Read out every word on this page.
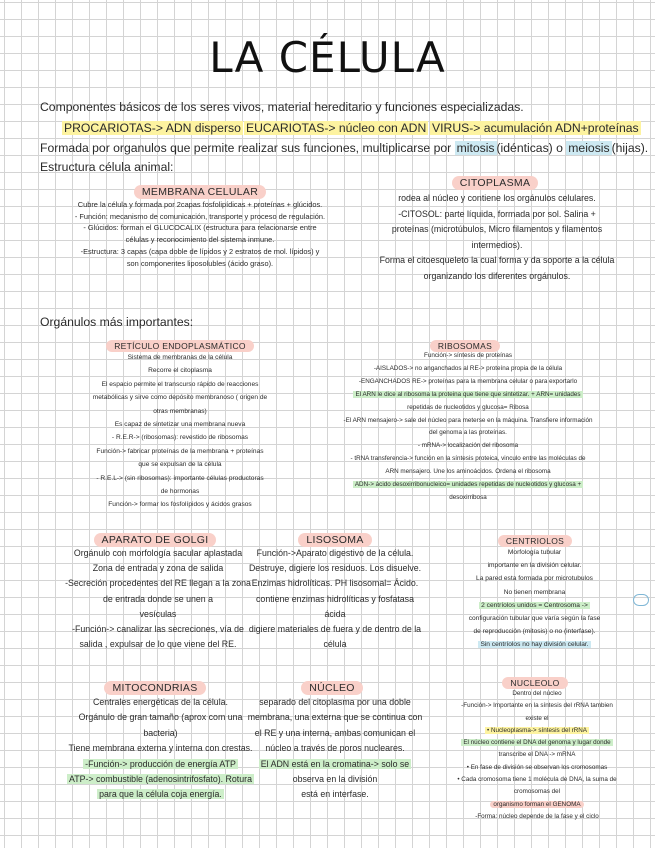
LA CÉLULA
Componentes básicos de los seres vivos, material hereditario y funciones especializadas.
PROCARIOTAS-> ADN disperso EUCARIOTAS-> núcleo con ADN VIRUS-> acumulación ADN+proteínas
Formada por organulos que permite realizar sus funciones, multiplicarse por mitosis (idénticas) o meiosis (hijas).
Estructura célula animal:
MEMBRANA CELULAR

Cubre la célula y formada por 2capas fosfolipídicas + proteínas + glúcidos.

- Función: mecanismo de comunicación, transporte y proceso de regulación.

- Glúcidos: forman el GLUCOCALIX (estructura para relacionarse entre

células y reconocimiento del sistema inmune.

-Estructura: 3 capas (capa doble de lípidos y 2 estratos de mol. lípidos) y

son componentes liposolubles (ácido graso).

CITOPLASMA

rodea al núcleo y contiene los orgánulos celulares.

-CITOSOL: parte líquida, formada por sol. Salina +

proteínas (microtúbulos, Micro filamentos y filamentos

intermedios).

Forma el citoesqueleto la cual forma y da soporte a la célula

organizando los diferentes orgánulos.

Orgánulos más importantes:
RETÍCULO ENDOPLASMÁTICO

Sistema de membranas de la célula

Recorre el citoplasma

El espacio permite el transcurso rápido de reacciones

metabólicas y sirve como depósito membranoso ( origen de

otras membranas)

Es capaz de sintetizar una membrana nueva

- R.E.R-> (ribosomas): revestido de ribosomas

Función-> fabricar proteínas de la membrana + proteínas

que se expulsan de la célula

- R.E.L-> (sin ribosomas): importante células productoras

de hormonas

Función-> formar los fosfolípidos y ácidos grasos

RIBOSOMAS

Función-> síntesis de proteínas

-AISLADOS-> no anganchados al RE-> proteína propia de la célula

-ENGANCHADOS RE-> proteínas para la membrana celular o para exportarlo

El ARN le dice al ribosoma la proteina que tiene que sintetizar. + ARN= unidades

repetidas de nucleotidos y glucosa= Ribosa

-El ARN mensajero-> sale del núcleo para meterse en la máquina. Transfiere información

del genoma a las proteínas.

- mRNA-> localización del ribosoma

- tRNA transferencia-> función en la síntesis proteica, vinculo entre las moléculas de

ARN mensajero. Une los aminoácidos. Ordena el ribosoma

ADN-> ácido desoxirribonucleico= unidades repetidas de nucleotidos y glucosa +

desoxirribosa

APARATO DE GOLGI

Orgánulo con morfología sacular aplastada

Zona de entrada y zona de salida

-Secreción procedentes del RE llegan a la zona

de entrada donde se unen a

vesículas

-Función-> canalizar las secreciones, vía de

salida , expulsar de lo que viene del RE.

LISOSOMA

Función->Aparato digestivo de la célula.

Destruye, digiere los residuos. Los disuelve.

Enzimas hidrolíticas. PH lisosomal= Ácido.

contiene enzimas hidrolíticas y fosfatasa

ácida

digiere materiales de fuera y de dentro de la

célula

CENTRIOLOS

Morfología tubular

importante en la división celular.

La pared esta formada por microtubulos

No tienen membrana

2 centríolos unidos = Centrosoma ->

configuración tubular que varía según la fase

de reproducción (mitosis) o no (interfase).

Sin centríolos no hay división celular.

MITOCONDRIAS

Centrales energéticas de la célula.

Orgánulo de gran tamaño (aprox com una

bacteria)

Tiene membrana externa y interna con crestas.

-Función-> producción de energía ATP

ATP-> combustible (adenosintrifosfato). Rotura

para que la célula coja energía.

NÚCLEO

separado del citoplasma por una doble

membrana, una externa que se continua con

el RE y una interna, ambas comunican el

núcleo a través de poros nucleares.

El ADN está en la cromatina-> solo se

observa en la división

está en interfase.

NUCLEOLO

Dentro del núcleo

-Función-> Importante en la síntesis del rRNA tambien

existe el

• Nucleoplasma-> síntesis del rRNA

El núcleo contiene el DNA del genoma y lugar donde

transcribe el DNA -> mRNA

• En fase de división se observan los cromosomas

• Cada cromosoma tiene 1 molécula de DNA, la suma de

cromosomas del

organismo forman el GENOMA

-Forma: núcleo depende de la fase y el ciclo
